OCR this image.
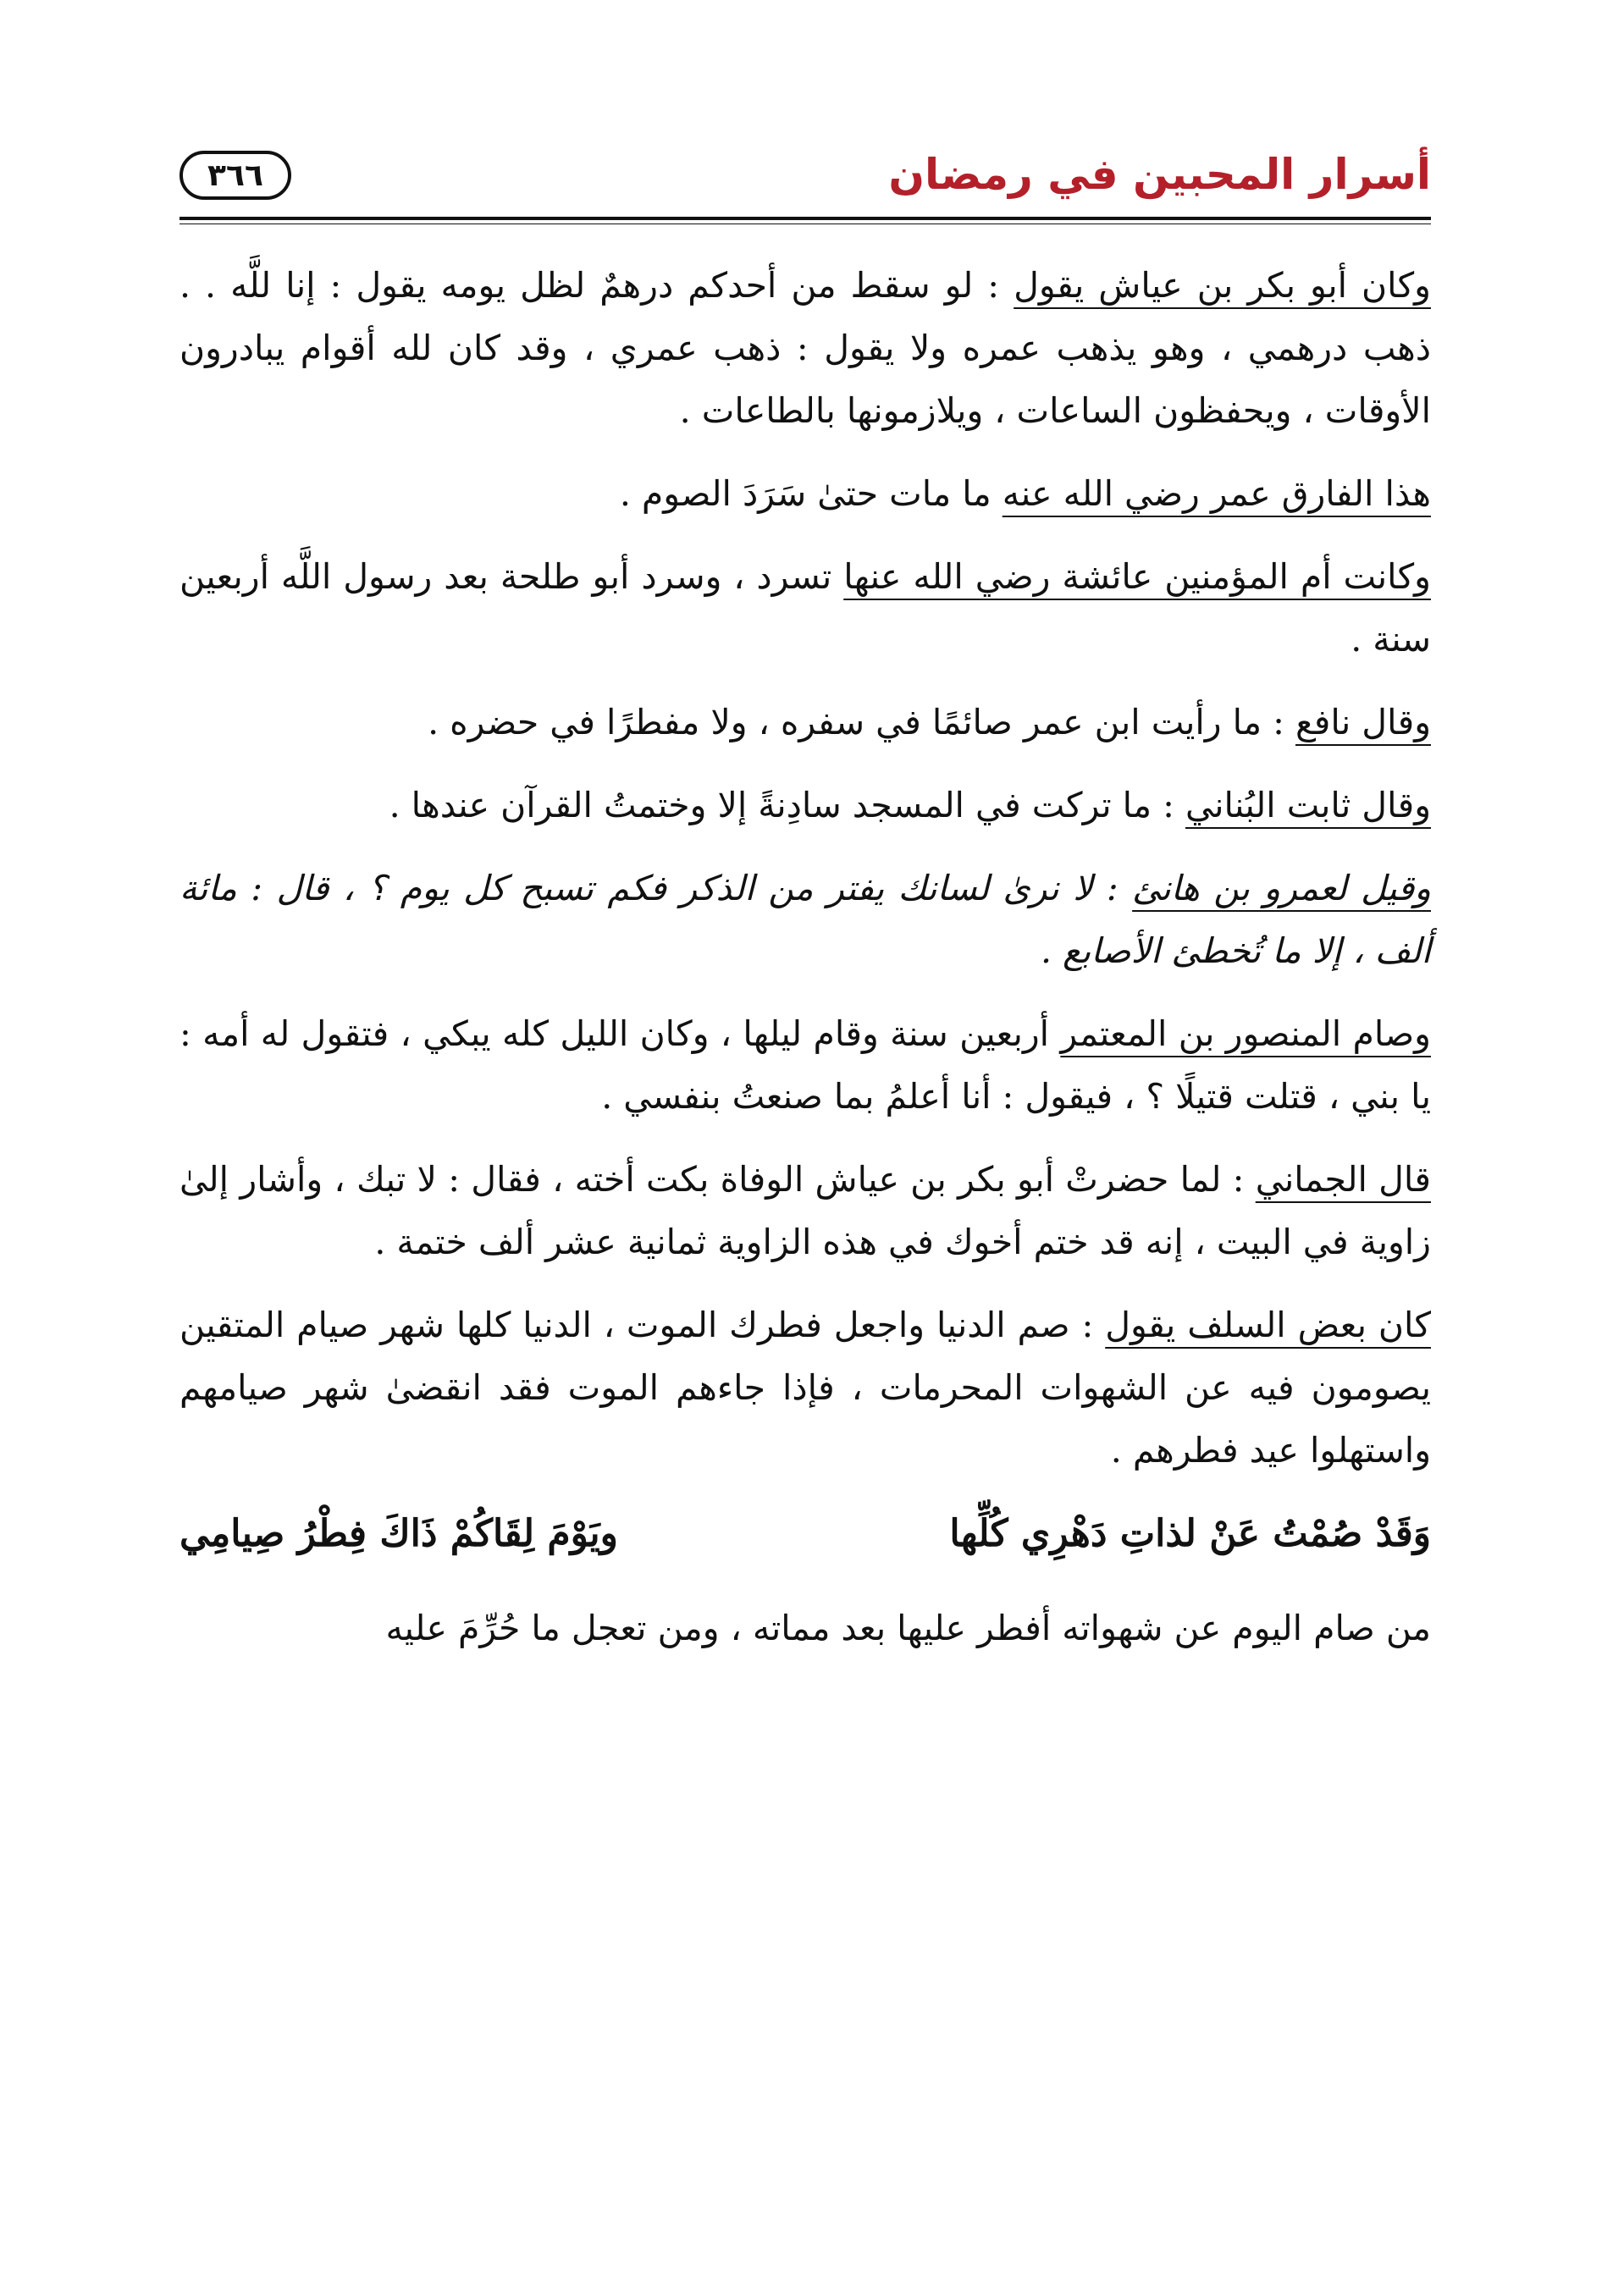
أسرار المحبين في رمضان
٣٦٦

وكان أبو بكر بن عياش يقول : لو سقط من أحدكم درهمٌ لظل يومه يقول : إنا للَّه . . ذهب درهمي ، وهو يذهب عمره ولا يقول : ذهب عمري ، وقد كان لله أقوام يبادرون الأوقات ، ويحفظون الساعات ، ويلازمونها بالطاعات .

هذا الفارق عمر رضي الله عنه ما مات حتىٰ سَرَدَ الصوم .

وكانت أم المؤمنين عائشة رضي الله عنها تسرد ، وسرد أبو طلحة بعد رسول اللَّه أربعين سنة .

وقال نافع : ما رأيت ابن عمر صائمًا في سفره ، ولا مفطرًا في حضره .

وقال ثابت البُناني : ما تركت في المسجد سادِنةً إلا وختمتُ القرآن عندها .

وقيل لعمرو بن هانئ : لا نرىٰ لسانك يفتر من الذكر فكم تسبح كل يوم ؟ ، قال : مائة ألف ، إلا ما تُخطئ الأصابع .

وصام المنصور بن المعتمر أربعين سنة وقام ليلها ، وكان الليل كله يبكي ، فتقول له أمه : يا بني ، قتلت قتيلًا ؟ ، فيقول : أنا أعلمُ بما صنعتُ بنفسي .

قال الجماني : لما حضرتْ أبو بكر بن عياش الوفاة بكت أخته ، فقال : لا تبك ، وأشار إلىٰ زاوية في البيت ، إنه قد ختم أخوك في هذه الزاوية ثمانية عشر ألف ختمة .

كان بعض السلف يقول : صم الدنيا واجعل فطرك الموت ، الدنيا كلها شهر صيام المتقين يصومون فيه عن الشهوات المحرمات ، فإذا جاءهم الموت فقد انقضىٰ شهر صيامهم واستهلوا عيد فطرهم .

وَقَدْ صُمْتُ عَنْ لذاتِ دَهْرِي كُلِّها
ويَوْمَ لِقَاكُمْ ذَاكَ فِطْرُ صِيامِي

من صام اليوم عن شهواته أفطر عليها بعد مماته ، ومن تعجل ما حُرِّمَ عليه
